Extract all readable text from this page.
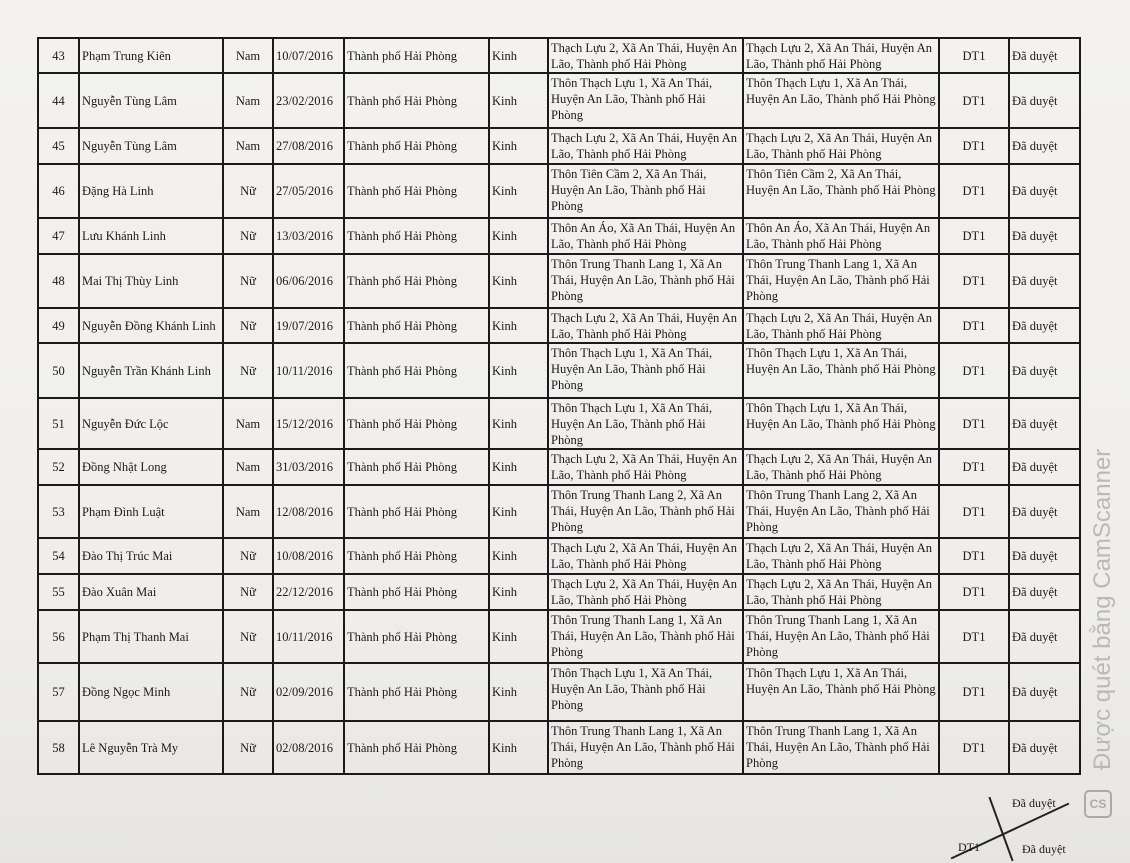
43	Phạm Trung Kiên	Nam	10/07/2016	Thành phố Hải Phòng	Kinh	Thạch Lựu 2, Xã An Thái, Huyện An Lão, Thành phố Hải Phòng	Thạch Lựu 2, Xã An Thái, Huyện An Lão, Thành phố Hải Phòng	DT1	Đã duyệt
44	Nguyễn Tùng Lâm	Nam	23/02/2016	Thành phố Hải Phòng	Kinh	Thôn Thạch Lựu 1, Xã An Thái, Huyện An Lão, Thành phố Hải Phòng	Thôn Thạch Lựu 1, Xã An Thái, Huyện An Lão, Thành phố Hải Phòng	DT1	Đã duyệt
45	Nguyễn Tùng Lâm	Nam	27/08/2016	Thành phố Hải Phòng	Kinh	Thạch Lựu 2, Xã An Thái, Huyện An Lão, Thành phố Hải Phòng	Thạch Lựu 2, Xã An Thái, Huyện An Lão, Thành phố Hải Phòng	DT1	Đã duyệt
46	Đặng Hà Linh	Nữ	27/05/2016	Thành phố Hải Phòng	Kinh	Thôn Tiên Cầm 2, Xã An Thái, Huyện An Lão, Thành phố Hải Phòng	Thôn Tiên Cầm 2, Xã An Thái, Huyện An Lão, Thành phố Hải Phòng	DT1	Đã duyệt
47	Lưu Khánh Linh	Nữ	13/03/2016	Thành phố Hải Phòng	Kinh	Thôn An Áo, Xã An Thái, Huyện An Lão, Thành phố Hải Phòng	Thôn An Áo, Xã An Thái, Huyện An Lão, Thành phố Hải Phòng	DT1	Đã duyệt
48	Mai Thị Thùy Linh	Nữ	06/06/2016	Thành phố Hải Phòng	Kinh	Thôn Trung Thanh Lang 1, Xã An Thái, Huyện An Lão, Thành phố Hải Phòng	Thôn Trung Thanh Lang 1, Xã An Thái, Huyện An Lão, Thành phố Hải Phòng	DT1	Đã duyệt
49	Nguyễn Đồng Khánh Linh	Nữ	19/07/2016	Thành phố Hải Phòng	Kinh	Thạch Lựu 2, Xã An Thái, Huyện An Lão, Thành phố Hải Phòng	Thạch Lựu 2, Xã An Thái, Huyện An Lão, Thành phố Hải Phòng	DT1	Đã duyệt
50	Nguyễn Trần Khánh Linh	Nữ	10/11/2016	Thành phố Hải Phòng	Kinh	Thôn Thạch Lựu 1, Xã An Thái, Huyện An Lão, Thành phố Hải Phòng	Thôn Thạch Lựu 1, Xã An Thái, Huyện An Lão, Thành phố Hải Phòng	DT1	Đã duyệt
51	Nguyễn Đức Lộc	Nam	15/12/2016	Thành phố Hải Phòng	Kinh	Thôn Thạch Lựu 1, Xã An Thái, Huyện An Lão, Thành phố Hải Phòng	Thôn Thạch Lựu 1, Xã An Thái, Huyện An Lão, Thành phố Hải Phòng	DT1	Đã duyệt
52	Đồng Nhật Long	Nam	31/03/2016	Thành phố Hải Phòng	Kinh	Thạch Lựu 2, Xã An Thái, Huyện An Lão, Thành phố Hải Phòng	Thạch Lựu 2, Xã An Thái, Huyện An Lão, Thành phố Hải Phòng	DT1	Đã duyệt
53	Phạm Đình Luật	Nam	12/08/2016	Thành phố Hải Phòng	Kinh	Thôn Trung Thanh Lang 2, Xã An Thái, Huyện An Lão, Thành phố Hải Phòng	Thôn Trung Thanh Lang 2, Xã An Thái, Huyện An Lão, Thành phố Hải Phòng	DT1	Đã duyệt
54	Đào Thị Trúc Mai	Nữ	10/08/2016	Thành phố Hải Phòng	Kinh	Thạch Lựu 2, Xã An Thái, Huyện An Lão, Thành phố Hải Phòng	Thạch Lựu 2, Xã An Thái, Huyện An Lão, Thành phố Hải Phòng	DT1	Đã duyệt
55	Đào Xuân Mai	Nữ	22/12/2016	Thành phố Hải Phòng	Kinh	Thạch Lựu 2, Xã An Thái, Huyện An Lão, Thành phố Hải Phòng	Thạch Lựu 2, Xã An Thái, Huyện An Lão, Thành phố Hải Phòng	DT1	Đã duyệt
56	Phạm Thị Thanh Mai	Nữ	10/11/2016	Thành phố Hải Phòng	Kinh	Thôn Trung Thanh Lang 1, Xã An Thái, Huyện An Lão, Thành phố Hải Phòng	Thôn Trung Thanh Lang 1, Xã An Thái, Huyện An Lão, Thành phố Hải Phòng	DT1	Đã duyệt
57	Đồng Ngọc Minh	Nữ	02/09/2016	Thành phố Hải Phòng	Kinh	Thôn Thạch Lựu 1, Xã An Thái, Huyện An Lão, Thành phố Hải Phòng	Thôn Thạch Lựu 1, Xã An Thái, Huyện An Lão, Thành phố Hải Phòng	DT1	Đã duyệt
58	Lê Nguyễn Trà My	Nữ	02/08/2016	Thành phố Hải Phòng	Kinh	Thôn Trung Thanh Lang 1, Xã An Thái, Huyện An Lão, Thành phố Hải Phòng	Thôn Trung Thanh Lang 1, Xã An Thái, Huyện An Lão, Thành phố Hải Phòng	DT1	Đã duyệt Được quét bằng CamScanner
CS
DT1
Đã duyệt
Đã duyệt
